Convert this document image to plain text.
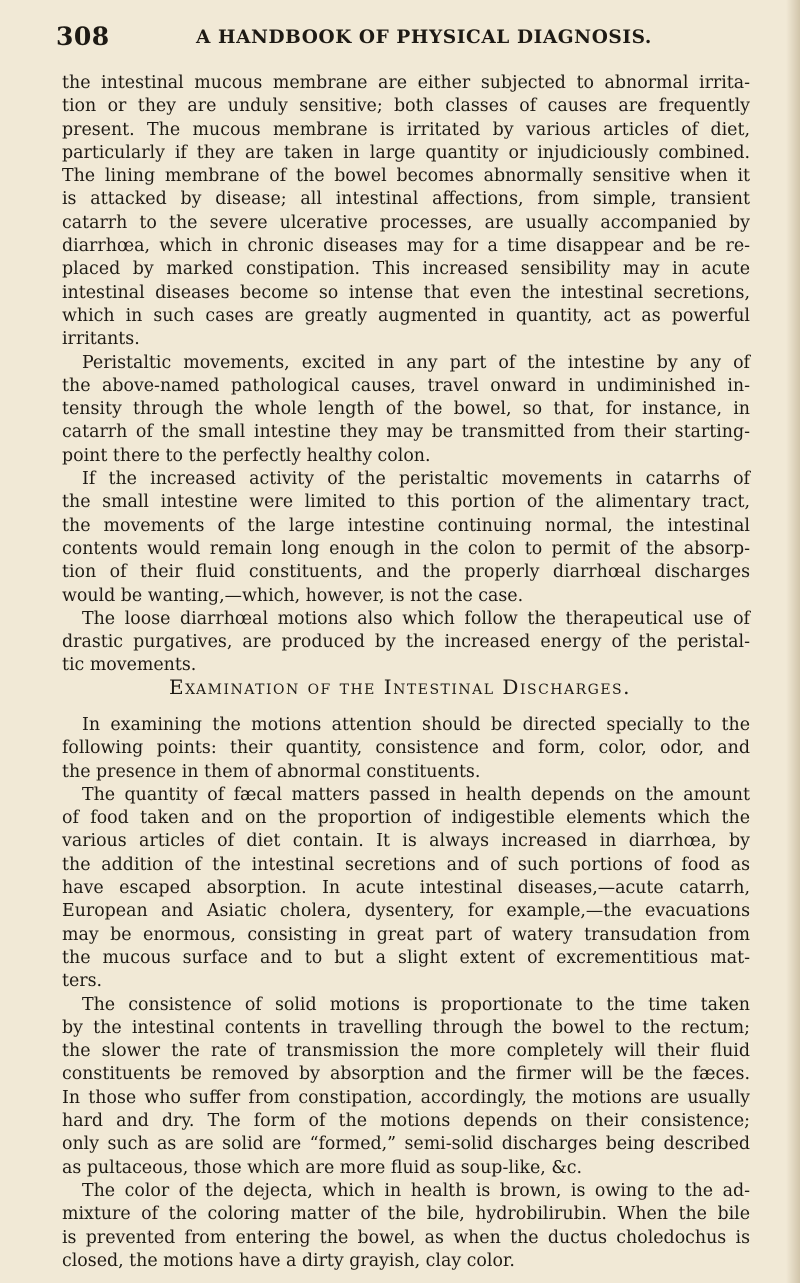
308	A HANDBOOK OF PHYSICAL DIAGNOSIS.
the intestinal mucous membrane are either subjected to abnormal irrita-
tion or they are unduly sensitive; both classes of causes are frequently
present. The mucous membrane is irritated by various articles of diet,
particularly if they are taken in large quantity or injudiciously combined.
The lining membrane of the bowel becomes abnormally sensitive when it
is attacked by disease; all intestinal affections, from simple, transient
catarrh to the severe ulcerative processes, are usually accompanied by
diarrhœa, which in chronic diseases may for a time disappear and be re-
placed by marked constipation. This increased sensibility may in acute
intestinal diseases become so intense that even the intestinal secretions,
which in such cases are greatly augmented in quantity, act as powerful
irritants.
Peristaltic movements, excited in any part of the intestine by any of
the above-named pathological causes, travel onward in undiminished in-
tensity through the whole length of the bowel, so that, for instance, in
catarrh of the small intestine they may be transmitted from their starting-
point there to the perfectly healthy colon.
If the increased activity of the peristaltic movements in catarrhs of
the small intestine were limited to this portion of the alimentary tract,
the movements of the large intestine continuing normal, the intestinal
contents would remain long enough in the colon to permit of the absorp-
tion of their fluid constituents, and the properly diarrhœal discharges
would be wanting,—which, however, is not the case.
The loose diarrhœal motions also which follow the therapeutical use of
drastic purgatives, are produced by the increased energy of the peristal-
tic movements.
Examination of the Intestinal Discharges.
In examining the motions attention should be directed specially to the
following points: their quantity, consistence and form, color, odor, and
the presence in them of abnormal constituents.
The quantity of fæcal matters passed in health depends on the amount
of food taken and on the proportion of indigestible elements which the
various articles of diet contain. It is always increased in diarrhœa, by
the addition of the intestinal secretions and of such portions of food as
have escaped absorption. In acute intestinal diseases,—acute catarrh,
European and Asiatic cholera, dysentery, for example,—the evacuations
may be enormous, consisting in great part of watery transudation from
the mucous surface and to but a slight extent of excrementitious mat-
ters.
The consistence of solid motions is proportionate to the time taken
by the intestinal contents in travelling through the bowel to the rectum;
the slower the rate of transmission the more completely will their fluid
constituents be removed by absorption and the firmer will be the fæces.
In those who suffer from constipation, accordingly, the motions are usually
hard and dry. The form of the motions depends on their consistence;
only such as are solid are “formed,” semi-solid discharges being described
as pultaceous, those which are more fluid as soup-like, &c.
The color of the dejecta, which in health is brown, is owing to the ad-
mixture of the coloring matter of the bile, hydrobilirubin. When the bile
is prevented from entering the bowel, as when the ductus choledochus is
closed, the motions have a dirty grayish, clay color.
